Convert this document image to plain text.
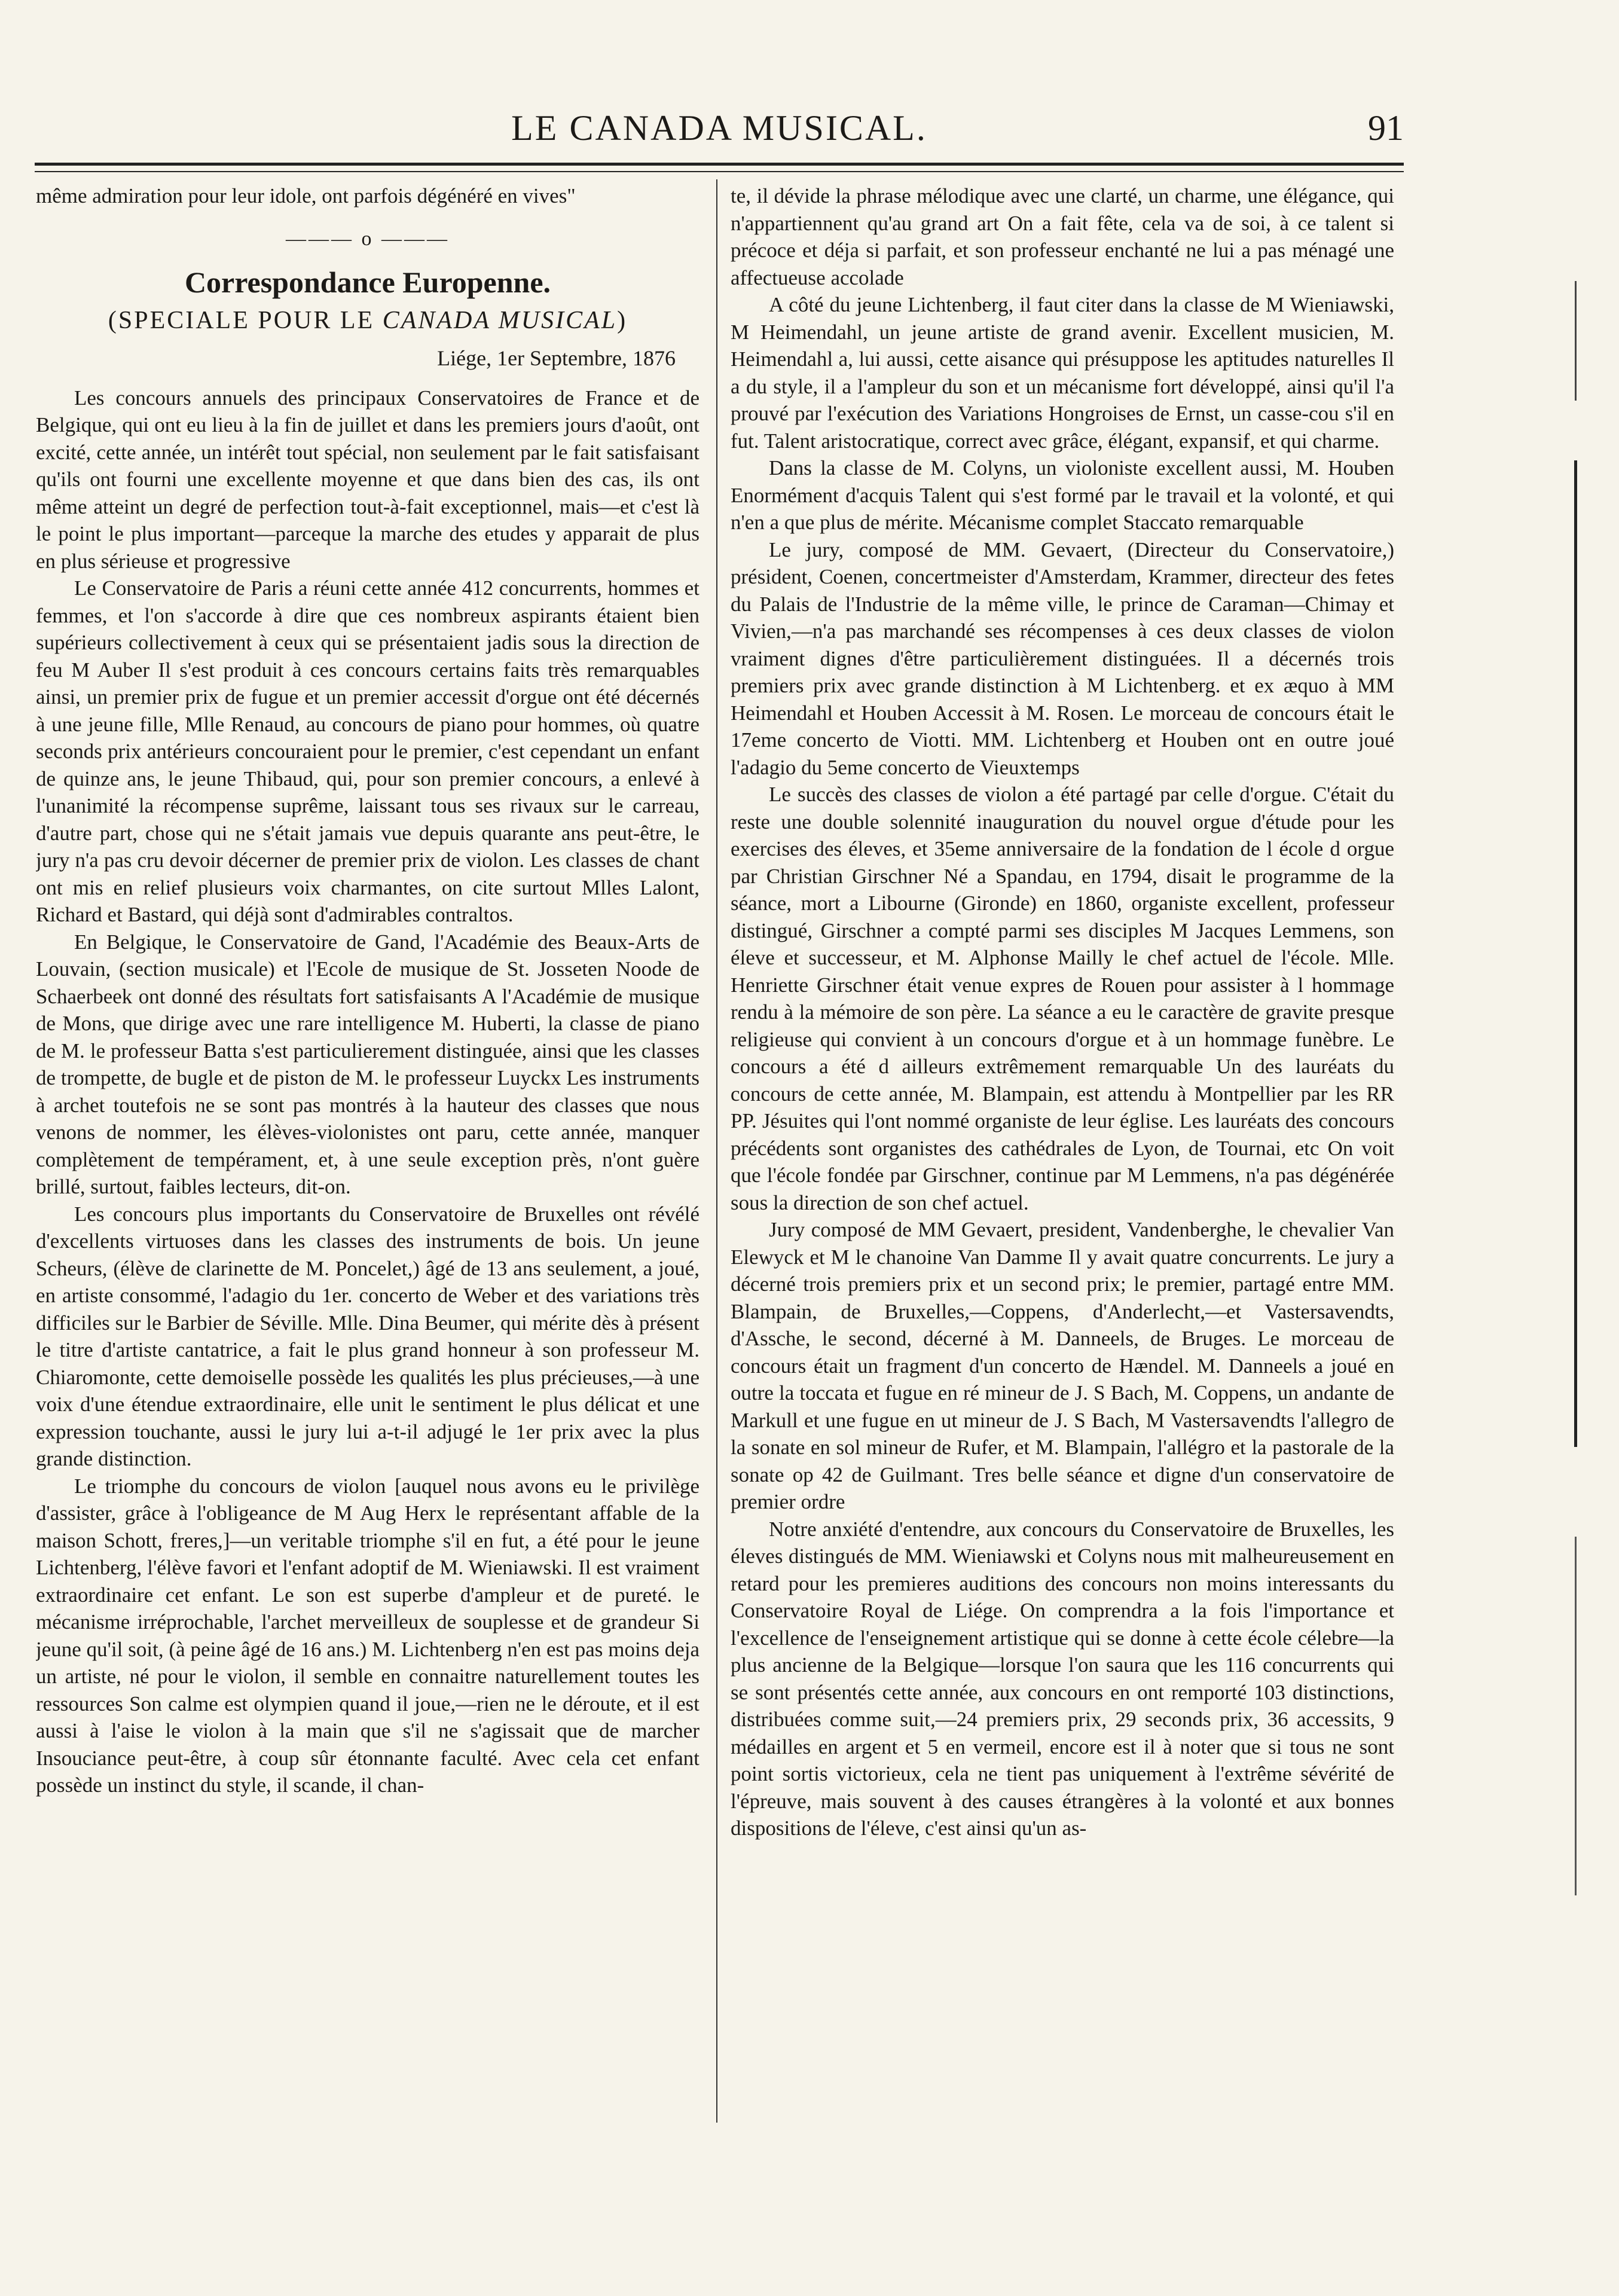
LE CANADA MUSICAL.	91

même admiration pour leur idole, ont parfois dégénéré en vives"

——— o ———
Correspondance Europenne.
(SPECIALE POUR LE CANADA MUSICAL)
Liége, 1er Septembre, 1876

Les concours annuels des principaux Conservatoires de France et de Belgique, qui ont eu lieu à la fin de juillet et dans les premiers jours d'août, ont excité, cette année, un intérêt tout spécial, non seulement par le fait satisfaisant qu'ils ont fourni une excellente moyenne et que dans bien des cas, ils ont même atteint un degré de perfection tout-à-fait exceptionnel, mais—et c'est là le point le plus important—parceque la marche des etudes y apparait de plus en plus sérieuse et progressive

Le Conservatoire de Paris a réuni cette année 412 concurrents, hommes et femmes, et l'on s'accorde à dire que ces nombreux aspirants étaient bien supérieurs collectivement à ceux qui se présentaient jadis sous la direction de feu M Auber Il s'est produit à ces concours certains faits très remarquables ainsi, un premier prix de fugue et un premier accessit d'orgue ont été décernés à une jeune fille, Mlle Renaud, au concours de piano pour hommes, où quatre seconds prix antérieurs concouraient pour le premier, c'est cependant un enfant de quinze ans, le jeune Thibaud, qui, pour son premier concours, a enlevé à l'unanimité la récompense suprême, laissant tous ses rivaux sur le carreau, d'autre part, chose qui ne s'était jamais vue depuis quarante ans peut-être, le jury n'a pas cru devoir décerner de premier prix de violon. Les classes de chant ont mis en relief plusieurs voix charmantes, on cite surtout Mlles Lalont, Richard et Bastard, qui déjà sont d'admirables contraltos.

En Belgique, le Conservatoire de Gand, l'Académie des Beaux-Arts de Louvain, (section musicale) et l'Ecole de musique de St. Josseten Noode de Schaerbeek ont donné des résultats fort satisfaisants A l'Académie de musique de Mons, que dirige avec une rare intelligence M. Huberti, la classe de piano de M. le professeur Batta s'est particulierement distinguée, ainsi que les classes de trompette, de bugle et de piston de M. le professeur Luyckx Les instruments à archet toutefois ne se sont pas montrés à la hauteur des classes que nous venons de nommer, les élèves-violonistes ont paru, cette année, manquer complètement de tempérament, et, à une seule exception près, n'ont guère brillé, surtout, faibles lecteurs, dit-on.

Les concours plus importants du Conservatoire de Bruxelles ont révélé d'excellents virtuoses dans les classes des instruments de bois. Un jeune Scheurs, (élève de clarinette de M. Poncelet,) âgé de 13 ans seulement, a joué, en artiste consommé, l'adagio du 1er. concerto de Weber et des variations très difficiles sur le Barbier de Séville. Mlle. Dina Beumer, qui mérite dès à présent le titre d'artiste cantatrice, a fait le plus grand honneur à son professeur M. Chiaromonte, cette demoiselle possède les qualités les plus précieuses,—à une voix d'une étendue extraordinaire, elle unit le sentiment le plus délicat et une expression touchante, aussi le jury lui a-t-il adjugé le 1er prix avec la plus grande distinction.

Le triomphe du concours de violon [auquel nous avons eu le privilège d'assister, grâce à l'obligeance de M Aug Herx le représentant affable de la maison Schott, freres,]—un veritable triomphe s'il en fut, a été pour le jeune Lichtenberg, l'élève favori et l'enfant adoptif de M. Wieniawski. Il est vraiment extraordinaire cet enfant. Le son est superbe d'ampleur et de pureté. le mécanisme irréprochable, l'archet merveilleux de souplesse et de grandeur Si jeune qu'il soit, (à peine âgé de 16 ans.) M. Lichtenberg n'en est pas moins deja un artiste, né pour le violon, il semble en connaitre naturellement toutes les ressources Son calme est olympien quand il joue,—rien ne le déroute, et il est aussi à l'aise le violon à la main que s'il ne s'agissait que de marcher Insouciance peut-être, à coup sûr étonnante faculté. Avec cela cet enfant possède un instinct du style, il scande, il chan-

te, il dévide la phrase mélodique avec une clarté, un charme, une élégance, qui n'appartiennent qu'au grand art On a fait fête, cela va de soi, à ce talent si précoce et déja si parfait, et son professeur enchanté ne lui a pas ménagé une affectueuse accolade

A côté du jeune Lichtenberg, il faut citer dans la classe de M Wieniawski, M Heimendahl, un jeune artiste de grand avenir. Excellent musicien, M. Heimendahl a, lui aussi, cette aisance qui présuppose les aptitudes naturelles Il a du style, il a l'ampleur du son et un mécanisme fort développé, ainsi qu'il l'a prouvé par l'exécution des Variations Hongroises de Ernst, un casse-cou s'il en fut. Talent aristocratique, correct avec grâce, élégant, expansif, et qui charme.

Dans la classe de M. Colyns, un violoniste excellent aussi, M. Houben Enormément d'acquis Talent qui s'est formé par le travail et la volonté, et qui n'en a que plus de mérite. Mécanisme complet Staccato remarquable

Le jury, composé de MM. Gevaert, (Directeur du Conservatoire,) président, Coenen, concertmeister d'Amsterdam, Krammer, directeur des fetes du Palais de l'Industrie de la même ville, le prince de Caraman—Chimay et Vivien,—n'a pas marchandé ses récompenses à ces deux classes de violon vraiment dignes d'être particulièrement distinguées. Il a décernés trois premiers prix avec grande distinction à M Lichtenberg. et ex æquo à MM Heimendahl et Houben Accessit à M. Rosen. Le morceau de concours était le 17eme concerto de Viotti. MM. Lichtenberg et Houben ont en outre joué l'adagio du 5eme concerto de Vieuxtemps

Le succès des classes de violon a été partagé par celle d'orgue. C'était du reste une double solennité inauguration du nouvel orgue d'étude pour les exercises des éleves, et 35eme anniversaire de la fondation de l école d orgue par Christian Girschner Né a Spandau, en 1794, disait le programme de la séance, mort a Libourne (Gironde) en 1860, organiste excellent, professeur distingué, Girschner a compté parmi ses disciples M Jacques Lemmens, son éleve et successeur, et M. Alphonse Mailly le chef actuel de l'école. Mlle. Henriette Girschner était venue expres de Rouen pour assister à l hommage rendu à la mémoire de son père. La séance a eu le caractère de gravite presque religieuse qui convient à un concours d'orgue et à un hommage funèbre. Le concours a été d ailleurs extrêmement remarquable Un des lauréats du concours de cette année, M. Blampain, est attendu à Montpellier par les RR PP. Jésuites qui l'ont nommé organiste de leur église. Les lauréats des concours précédents sont organistes des cathédrales de Lyon, de Tournai, etc On voit que l'école fondée par Girschner, continue par M Lemmens, n'a pas dégénérée sous la direction de son chef actuel.

Jury composé de MM Gevaert, president, Vandenberghe, le chevalier Van Elewyck et M le chanoine Van Damme Il y avait quatre concurrents. Le jury a décerné trois premiers prix et un second prix; le premier, partagé entre MM. Blampain, de Bruxelles,—Coppens, d'Anderlecht,—et Vastersavendts, d'Assche, le second, décerné à M. Danneels, de Bruges. Le morceau de concours était un fragment d'un concerto de Hændel. M. Danneels a joué en outre la toccata et fugue en ré mineur de J. S Bach, M. Coppens, un andante de Markull et une fugue en ut mineur de J. S Bach, M Vastersavendts l'allegro de la sonate en sol mineur de Rufer, et M. Blampain, l'allégro et la pastorale de la sonate op 42 de Guilmant. Tres belle séance et digne d'un conservatoire de premier ordre

Notre anxiété d'entendre, aux concours du Conservatoire de Bruxelles, les éleves distingués de MM. Wieniawski et Colyns nous mit malheureusement en retard pour les premieres auditions des concours non moins interessants du Conservatoire Royal de Liége. On comprendra a la fois l'importance et l'excellence de l'enseignement artistique qui se donne à cette école célebre—la plus ancienne de la Belgique—lorsque l'on saura que les 116 concurrents qui se sont présentés cette année, aux concours en ont remporté 103 distinctions, distribuées comme suit,—24 premiers prix, 29 seconds prix, 36 accessits, 9 médailles en argent et 5 en vermeil, encore est il à noter que si tous ne sont point sortis victorieux, cela ne tient pas uniquement à l'extrême sévérité de l'épreuve, mais souvent à des causes étrangères à la volonté et aux bonnes dispositions de l'éleve, c'est ainsi qu'un as-
